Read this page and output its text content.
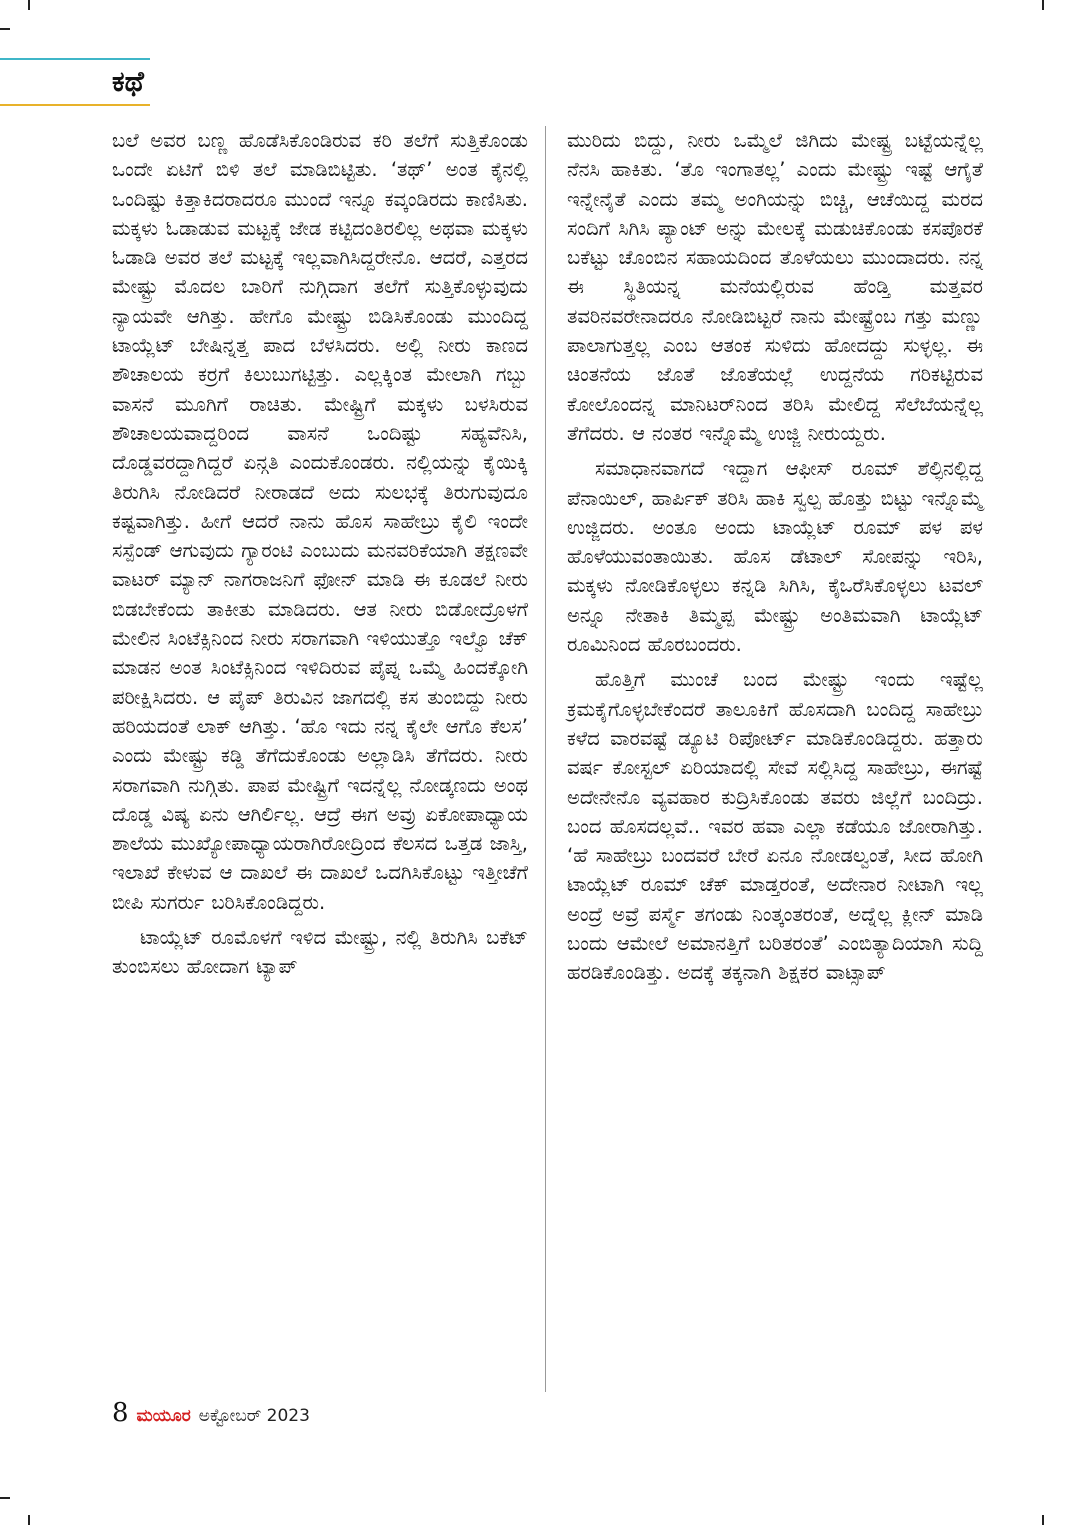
ಕಥೆ

ಬಲೆ ಅವರ ಬಣ್ಣ ಹೊಡೆಸಿಕೊಂಡಿರುವ ಕರಿ ತಲೆಗೆ ಸುತ್ತಿಕೊಂಡು ಒಂದೇ ಏಟಿಗೆ ಬಿಳಿ ತಲೆ ಮಾಡಿಬಿಟ್ಟಿತು. ‘ತಥ್’ ಅಂತ ಕೈನಲ್ಲಿ ಒಂದಿಷ್ಟು ಕಿತ್ತಾಕಿದರಾದರೂ ಮುಂದೆ ಇನ್ನೂ ಕವ್ಕಂಡಿರದು ಕಾಣಿಸಿತು. ಮಕ್ಕಳು ಓಡಾಡುವ ಮಟ್ಟಕ್ಕೆ ಜೇಡ ಕಟ್ಟಿದಂತಿರಲಿಲ್ಲ ಅಥವಾ ಮಕ್ಕಳು ಓಡಾಡಿ ಅವರ ತಲೆ ಮಟ್ಟಕ್ಕೆ ಇಲ್ಲವಾಗಿಸಿದ್ದರೇನೊ. ಆದರೆ, ಎತ್ತರದ ಮೇಷ್ಟ್ರು ಮೊದಲ ಬಾರಿಗೆ ನುಗ್ಗಿದಾಗ ತಲೆಗೆ ಸುತ್ತಿಕೊಳ್ಳುವುದು ನ್ಯಾಯವೇ ಆಗಿತ್ತು. ಹೇಗೊ ಮೇಷ್ಟ್ರು ಬಿಡಿಸಿಕೊಂಡು ಮುಂದಿದ್ದ ಟಾಯ್ಲೆಟ್ ಬೇಷಿನ್ನತ್ತ ಪಾದ ಬೆಳಸಿದರು. ಅಲ್ಲಿ ನೀರು ಕಾಣದ ಶೌಚಾಲಯ ಕರ್ರಗೆ ಕಿಲುಬುಗಟ್ಟಿತ್ತು. ಎಲ್ಲಕ್ಕಿಂತ ಮೇಲಾಗಿ ಗಬ್ಬು ವಾಸನೆ ಮೂಗಿಗೆ ರಾಚಿತು. ಮೇಷ್ಟ್ರಿಗೆ ಮಕ್ಕಳು ಬಳಸಿರುವ ಶೌಚಾಲಯವಾದ್ದರಿಂದ ವಾಸನೆ ಒಂದಿಷ್ಟು ಸಹ್ಯವೆನಿಸಿ, ದೊಡ್ಡವರದ್ದಾಗಿದ್ದರೆ ಏನ್ಗತಿ ಎಂದುಕೊಂಡರು. ನಲ್ಲಿಯನ್ನು ಕೈಯಿಕ್ಕಿ ತಿರುಗಿಸಿ ನೋಡಿದರೆ ನೀರಾಡದೆ ಅದು ಸುಲಭಕ್ಕೆ ತಿರುಗುವುದೂ ಕಷ್ಟವಾಗಿತ್ತು. ಹೀಗೆ ಆದರೆ ನಾನು ಹೊಸ ಸಾಹೇಬ್ರು ಕೈಲಿ ಇಂದೇ ಸಸ್ಪೆಂಡ್ ಆಗುವುದು ಗ್ಯಾರಂಟಿ ಎಂಬುದು ಮನವರಿಕೆಯಾಗಿ ತಕ್ಷಣವೇ ವಾಟರ್ ಮ್ಯಾನ್ ನಾಗರಾಜನಿಗೆ ಫೋನ್ ಮಾಡಿ ಈ ಕೂಡಲೆ ನೀರು ಬಿಡಬೇಕೆಂದು ತಾಕೀತು ಮಾಡಿದರು. ಆತ ನೀರು ಬಿಡೋದ್ರೊಳಗೆ ಮೇಲಿನ ಸಿಂಟೆಕ್ಸಿನಿಂದ ನೀರು ಸರಾಗವಾಗಿ ಇಳಿಯುತ್ತೊ ಇಲ್ವೊ ಚೆಕ್ ಮಾಡನ ಅಂತ ಸಿಂಟೆಕ್ಸಿನಿಂದ ಇಳಿದಿರುವ ಪೈಪ್ನ ಒಮ್ಮೆ ಹಿಂದಕ್ಕೋಗಿ ಪರೀಕ್ಷಿಸಿದರು. ಆ ಪೈಪ್ ತಿರುವಿನ ಜಾಗದಲ್ಲಿ ಕಸ ತುಂಬಿದ್ದು ನೀರು ಹರಿಯದಂತೆ ಲಾಕ್ ಆಗಿತ್ತು. ‘ಹೊ ಇದು ನನ್ನ ಕೈಲೇ ಆಗೊ ಕೆಲಸ’ ಎಂದು ಮೇಷ್ಟ್ರು ಕಡ್ಡಿ ತೆಗೆದುಕೊಂಡು ಅಲ್ಲಾಡಿಸಿ ತೆಗೆದರು. ನೀರು ಸರಾಗವಾಗಿ ನುಗ್ಗಿತು. ಪಾಪ ಮೇಷ್ಟ್ರಿಗೆ ಇದನ್ನೆಲ್ಲ ನೋಡ್ಕಣದು ಅಂಥ ದೊಡ್ಡ ವಿಷ್ಯ ಏನು ಆಗಿರ್ಲಿಲ್ಲ. ಆದ್ರೆ ಈಗ ಅವ್ರು ಏಕೋಪಾಧ್ಯಾಯ ಶಾಲೆಯ ಮುಖ್ಯೋಪಾಧ್ಯಾಯರಾಗಿರೋದ್ರಿಂದ ಕೆಲಸದ ಒತ್ತಡ ಜಾಸ್ತಿ, ಇಲಾಖೆ ಕೇಳುವ ಆ ದಾಖಲೆ ಈ ದಾಖಲೆ ಒದಗಿಸಿಕೊಟ್ಟು ಇತ್ತೀಚೆಗೆ ಬೀಪಿ ಸುಗರ್ರು ಬರಿಸಿಕೊಂಡಿದ್ದರು.

ಟಾಯ್ಲೆಟ್ ರೂಮೊಳಗೆ ಇಳಿದ ಮೇಷ್ಟ್ರು, ನಲ್ಲಿ ತಿರುಗಿಸಿ ಬಕೆಟ್ ತುಂಬಿಸಲು ಹೋದಾಗ ಟ್ಯಾಪ್

ಮುರಿದು ಬಿದ್ದು, ನೀರು ಒಮ್ಮೆಲೆ ಜಿಗಿದು ಮೇಷ್ಟ್ರ ಬಟ್ಟೆಯನ್ನೆಲ್ಲ ನೆನಸಿ ಹಾಕಿತು. ‘ತೊ ಇಂಗಾತಲ್ಲ’ ಎಂದು ಮೇಷ್ಟ್ರು ಇಷ್ಟೆ ಆಗೈತೆ ಇನ್ನೇನೈತೆ ಎಂದು ತಮ್ಮ ಅಂಗಿಯನ್ನು ಬಿಚ್ಚಿ, ಆಚೆಯಿದ್ದ ಮರದ ಸಂದಿಗೆ ಸಿಗಿಸಿ ಪ್ಯಾಂಟ್ ಅನ್ನು ಮೇಲಕ್ಕೆ ಮಡುಚಿಕೊಂಡು ಕಸಪೊರಕೆ ಬಕೆಟ್ಟು ಚೊಂಬಿನ ಸಹಾಯದಿಂದ ತೊಳೆಯಲು ಮುಂದಾದರು. ನನ್ನ ಈ ಸ್ಥಿತಿಯನ್ನ ಮನೆಯಲ್ಲಿರುವ ಹೆಂಡ್ತಿ ಮತ್ತವರ ತವರಿನವರೇನಾದರೂ ನೋಡಿಬಿಟ್ಟರೆ ನಾನು ಮೇಷ್ಟ್ರೆಂಬ ಗತ್ತು ಮಣ್ಣು ಪಾಲಾಗುತ್ತಲ್ಲ ಎಂಬ ಆತಂಕ ಸುಳಿದು ಹೋದದ್ದು ಸುಳ್ಳಲ್ಲ. ಈ ಚಿಂತನೆಯ ಜೊತೆ ಜೊತೆಯಲ್ಲೆ ಉದ್ದನೆಯ ಗರಿಕಟ್ಟಿರುವ ಕೋಲೊಂದನ್ನ ಮಾನಿಟರ್‌ನಿಂದ ತರಿಸಿ ಮೇಲಿದ್ದ ಸೆಲೆಬೆಯನ್ನೆಲ್ಲ ತೆಗೆದರು. ಆ ನಂತರ ಇನ್ನೊಮ್ಮೆ ಉಜ್ಜಿ ನೀರುಯ್ದರು.

ಸಮಾಧಾನವಾಗದೆ ಇದ್ದಾಗ ಆಫೀಸ್ ರೂಮ್ ಶೆಲ್ಫಿನಲ್ಲಿದ್ದ ಪೆನಾಯಿಲ್, ಹಾರ್ಪಿಕ್ ತರಿಸಿ ಹಾಕಿ ಸ್ವಲ್ಪ ಹೊತ್ತು ಬಿಟ್ಟು ಇನ್ನೊಮ್ಮೆ ಉಜ್ಜಿದರು. ಅಂತೂ ಅಂದು ಟಾಯ್ಲೆಟ್ ರೂಮ್ ಪಳ ಪಳ ಹೊಳೆಯುವಂತಾಯಿತು. ಹೊಸ ಡೆಟಾಲ್ ಸೋಪನ್ನು ಇರಿಸಿ, ಮಕ್ಕಳು ನೋಡಿಕೊಳ್ಳಲು ಕನ್ನಡಿ ಸಿಗಿಸಿ, ಕೈಒರೆಸಿಕೊಳ್ಳಲು ಟವಲ್ ಅನ್ನೂ ನೇತಾಕಿ ತಿಮ್ಮಪ್ಪ ಮೇಷ್ಟ್ರು ಅಂತಿಮವಾಗಿ ಟಾಯ್ಲೆಟ್ ರೂಮಿನಿಂದ ಹೊರಬಂದರು.

ಹೊತ್ತಿಗೆ ಮುಂಚೆ ಬಂದ ಮೇಷ್ಟ್ರು ಇಂದು ಇಷ್ಟೆಲ್ಲ ಕ್ರಮಕೈಗೊಳ್ಳಬೇಕೆಂದರೆ ತಾಲೂಕಿಗೆ ಹೊಸದಾಗಿ ಬಂದಿದ್ದ ಸಾಹೇಬ್ರು ಕಳೆದ ವಾರವಷ್ಟೆ ಡ್ಯೂಟಿ ರಿಪೋರ್ಟ್ ಮಾಡಿಕೊಂಡಿದ್ದರು. ಹತ್ತಾರು ವರ್ಷ ಕೋಸ್ಟಲ್ ಏರಿಯಾದಲ್ಲಿ ಸೇವೆ ಸಲ್ಲಿಸಿದ್ದ ಸಾಹೇಬ್ರು, ಈಗಷ್ಟೆ ಅದೇನೇನೊ ವ್ಯವಹಾರ ಕುದ್ರಿಸಿಕೊಂಡು ತವರು ಜಿಲ್ಲೆಗೆ ಬಂದಿದ್ರು. ಬಂದ ಹೊಸದಲ್ಲವೆ.. ಇವರ ಹವಾ ಎಲ್ಲಾ ಕಡೆಯೂ ಜೋರಾಗಿತ್ತು. ‘ಹೆ ಸಾಹೇಬ್ರು ಬಂದವರೆ ಬೇರೆ ಏನೂ ನೋಡಲ್ವಂತೆ, ಸೀದ ಹೋಗಿ ಟಾಯ್ಲೆಟ್ ರೂಮ್ ಚೆಕ್ ಮಾಡ್ತರಂತೆ, ಅದೇನಾರ ನೀಟಾಗಿ ಇಲ್ಲ ಅಂದ್ರೆ ಅವ್ರೆ ಪರ್ಸ್ಮೆ ತಗಂಡು ನಿಂತ್ಕಂತರಂತೆ, ಅದ್ನೆಲ್ಲ ಕ್ಲೀನ್ ಮಾಡಿ ಬಂದು ಆಮೇಲೆ ಅಮಾನತ್ತಿಗೆ ಬರಿತರಂತೆ’ ಎಂಬಿತ್ಯಾದಿಯಾಗಿ ಸುದ್ದಿ ಹರಡಿಕೊಂಡಿತ್ತು. ಅದಕ್ಕೆ ತಕ್ಕನಾಗಿ ಶಿಕ್ಷಕರ ವಾಟ್ಸಾಪ್

8 ಮಯೂರ ಅಕ್ಟೋಬರ್ 2023
